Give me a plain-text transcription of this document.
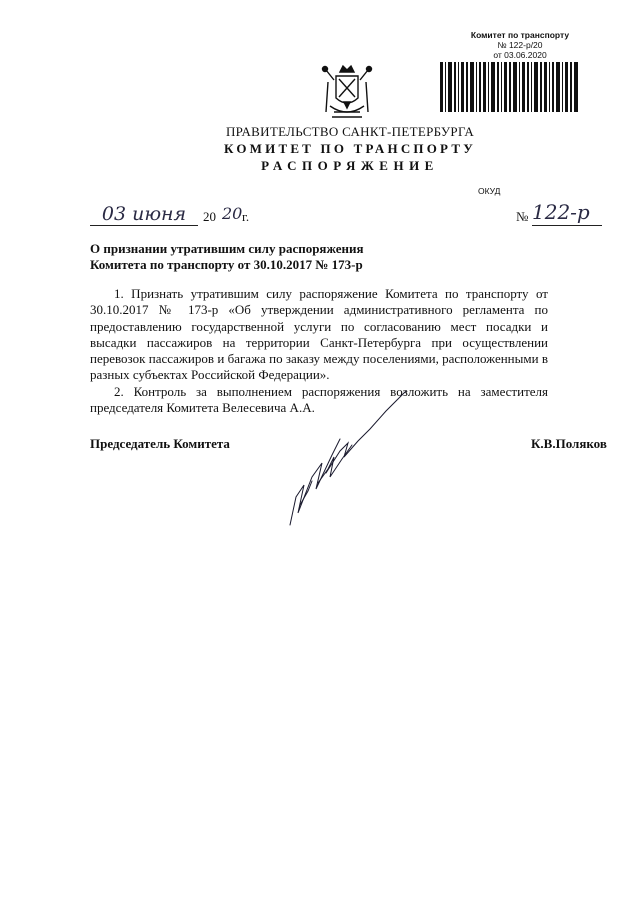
Комитет по транспорту
№ 122-р/20
от 03.06.2020
ПРАВИТЕЛЬСТВО САНКТ-ПЕТЕРБУРГА
КОМИТЕТ ПО ТРАНСПОРТУ
РАСПОРЯЖЕНИЕ
ОКУД
03 июня	20 20 г.	№ 122-р
О признании утратившим силу распоряжения
Комитета по транспорту от 30.10.2017 № 173-р

1. Признать утратившим силу распоряжение Комитета по транспорту от 30.10.2017 № 173-р «Об утверждении административного регламента по предоставлению государственной услуги по согласованию мест посадки и высадки пассажиров на территории Санкт-Петербурга при осуществлении перевозок пассажиров и багажа по заказу между поселениями, расположенными в разных субъектах Российской Федерации».

2. Контроль за выполнением распоряжения возложить на заместителя председателя Комитета Велесевича А.А.

Председатель Комитета	К.В.Поляков
